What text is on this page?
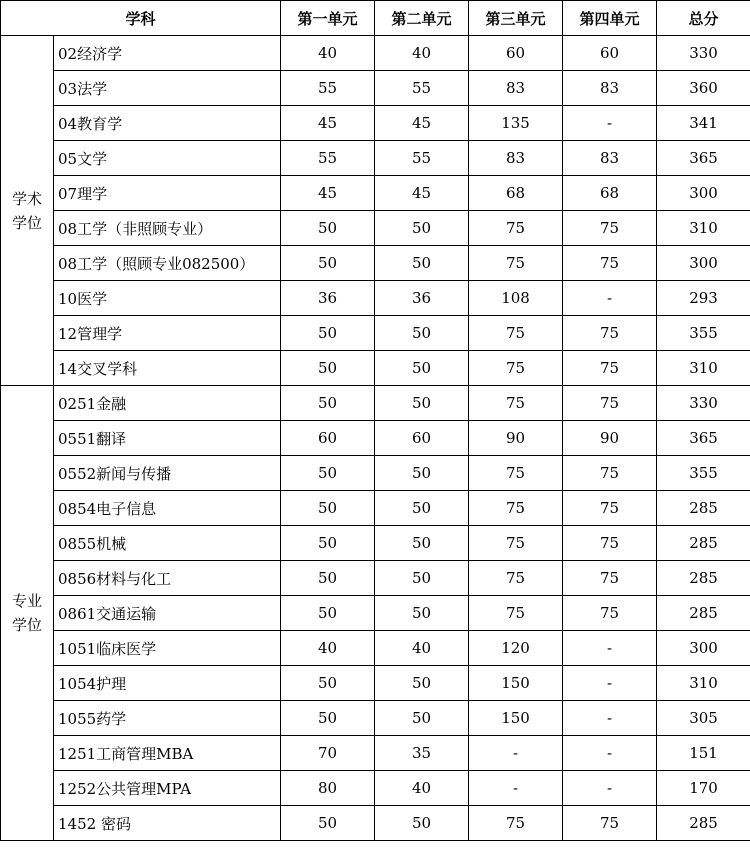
学科		第一单元	第二单元	第三单元	第四单元	总分

学术
学位	02经济学	40	40	60	60	330
	03法学	55	55	83	83	360
	04教育学	45	45	135	-	341
	05文学	55	55	83	83	365
	07理学	45	45	68	68	300
	08工学（非照顾专业）	50	50	75	75	310
	08工学（照顾专业082500）	50	50	75	75	300
	10医学	36	36	108	-	293
	12管理学	50	50	75	75	355
	14交叉学科	50	50	75	75	310

专业
学位	0251金融	50	50	75	75	330
	0551翻译	60	60	90	90	365
	0552新闻与传播	50	50	75	75	355
	0854电子信息	50	50	75	75	285
	0855机械	50	50	75	75	285
	0856材料与化工	50	50	75	75	285
	0861交通运输	50	50	75	75	285
	1051临床医学	40	40	120	-	300
	1054护理	50	50	150	-	310
	1055药学	50	50	150	-	305
	1251工商管理MBA	70	35	-	-	151
	1252公共管理MPA	80	40	-	-	170
	1452 密码	50	50	75	75	285
